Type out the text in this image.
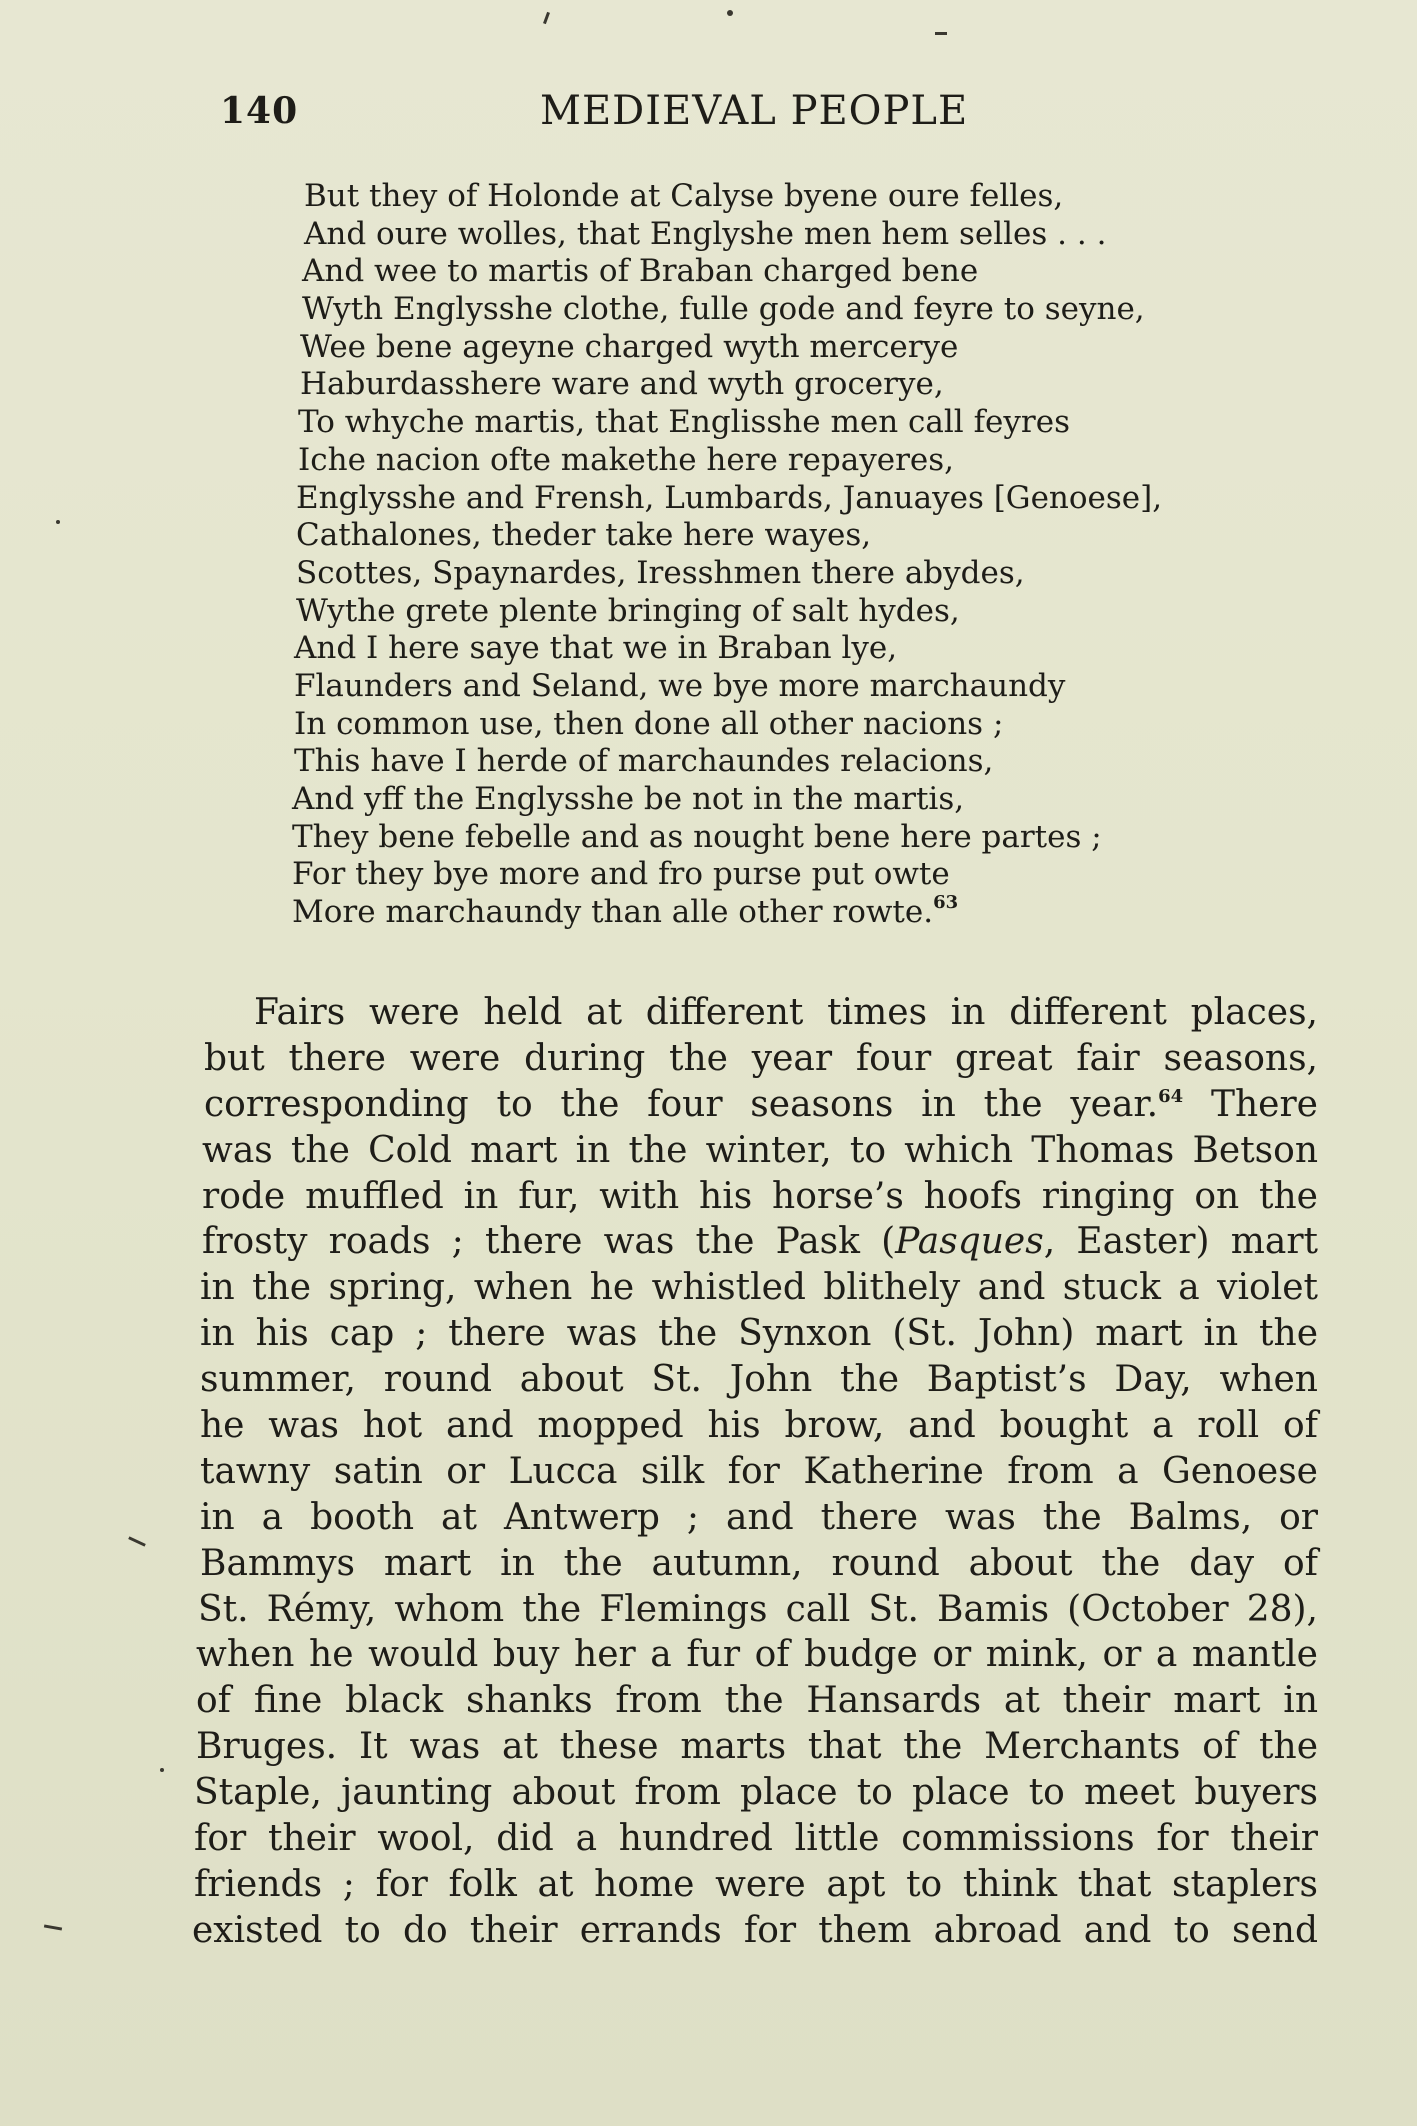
140	MEDIEVAL PEOPLE
But they of Holonde at Calyse byene oure felles,
And oure wolles, that Englyshe men hem selles . . .
And wee to martis of Braban charged bene
Wyth Englysshe clothe, fulle gode and feyre to seyne,
Wee bene ageyne charged wyth mercerye
Haburdasshere ware and wyth groceryе,
To whyche martis, that Englisshe men call feyres
Iche nacion ofte makethe here repayeres,
Englysshe and Frensh, Lumbards, Januayes [Genoese],
Cathalones, theder take here wayes,
Scottes, Spaynardes, Iresshmen there abydes,
Wythe grete plente bringing of salt hydes,
And I here saye that we in Braban lye,
Flaunders and Seland, we bye more marchaundy
In common use, then done all other nacions ;
This have I herde of marchaundes relacions,
And yff the Englysshe be not in the martis,
They bene febelle and as nought bene here partes ;
For they bye more and fro purse put owte
More marchaundy than alle other rowte.$^{63}$
Fairs were held at different times in different places,
but there were during the year four great fair seasons,
corresponding to the four seasons in the year.$^{64}$ There
was the Cold mart in the winter, to which Thomas Betson
rode muffled in fur, with his horse’s hoofs ringing on the
frosty roads ; there was the Pask (Pasques, Easter) mart
in the spring, when he whistled blithely and stuck a violet
in his cap ; there was the Synxon (St. John) mart in the
summer, round about St. John the Baptist’s Day, when
he was hot and mopped his brow, and bought a roll of
tawny satin or Lucca silk for Katherine from a Genoese
in a booth at Antwerp ; and there was the Balms, or
Bammys mart in the autumn, round about the day of
St. Rémy, whom the Flemings call St. Bamis (October 28),
when he would buy her a fur of budge or mink, or a mantle
of fine black shanks from the Hansards at their mart in
Bruges. It was at these marts that the Merchants of the
Staple, jaunting about from place to place to meet buyers
for their wool, did a hundred little commissions for their
friends ; for folk at home were apt to think that staplers
existed to do their errands for them abroad and to send
